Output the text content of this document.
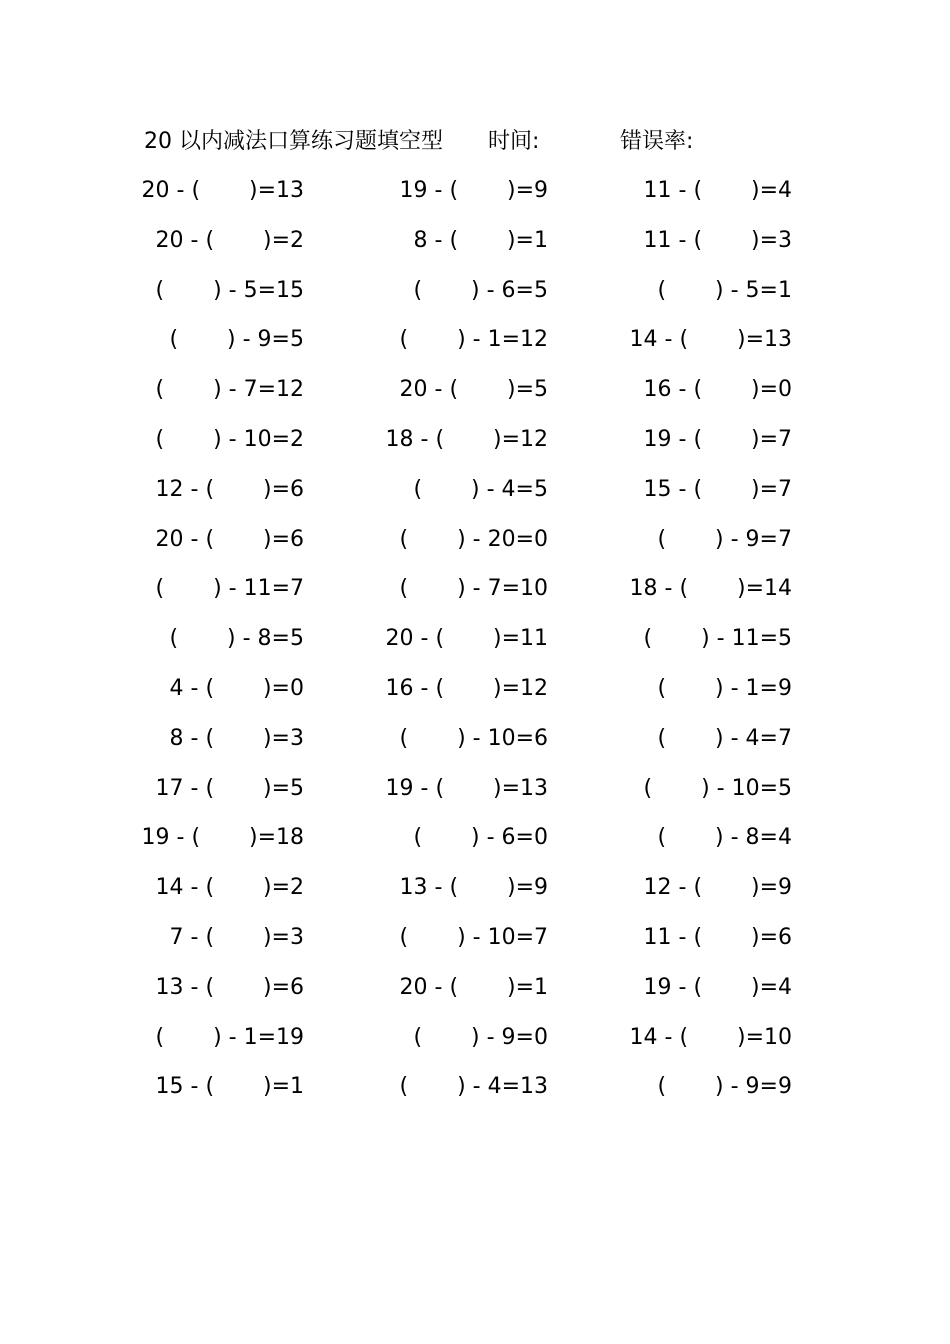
20 以内减法口算练习题填空型 时间:	错误率:
20 - (       )=13	19 - (       )=9	11 - (       )=4
20 - (       )=2	8 - (       )=1	11 - (       )=3
(       ) - 5=15	(       ) - 6=5	(       ) - 5=1
(       ) - 9=5	(       ) - 1=12	14 - (       )=13
(       ) - 7=12	20 - (       )=5	16 - (       )=0
(       ) - 10=2	18 - (       )=12	19 - (       )=7
12 - (       )=6	(       ) - 4=5	15 - (       )=7
20 - (       )=6	(       ) - 20=0	(       ) - 9=7
(       ) - 11=7	(       ) - 7=10	18 - (       )=14
(       ) - 8=5	20 - (       )=11	(       ) - 11=5
4 - (       )=0	16 - (       )=12	(       ) - 1=9
8 - (       )=3	(       ) - 10=6	(       ) - 4=7
17 - (       )=5	19 - (       )=13	(       ) - 10=5
19 - (       )=18	(       ) - 6=0	(       ) - 8=4
14 - (       )=2	13 - (       )=9	12 - (       )=9
7 - (       )=3	(       ) - 10=7	11 - (       )=6
13 - (       )=6	20 - (       )=1	19 - (       )=4
(       ) - 1=19	(       ) - 9=0	14 - (       )=10
15 - (       )=1	(       ) - 4=13	(       ) - 9=9
